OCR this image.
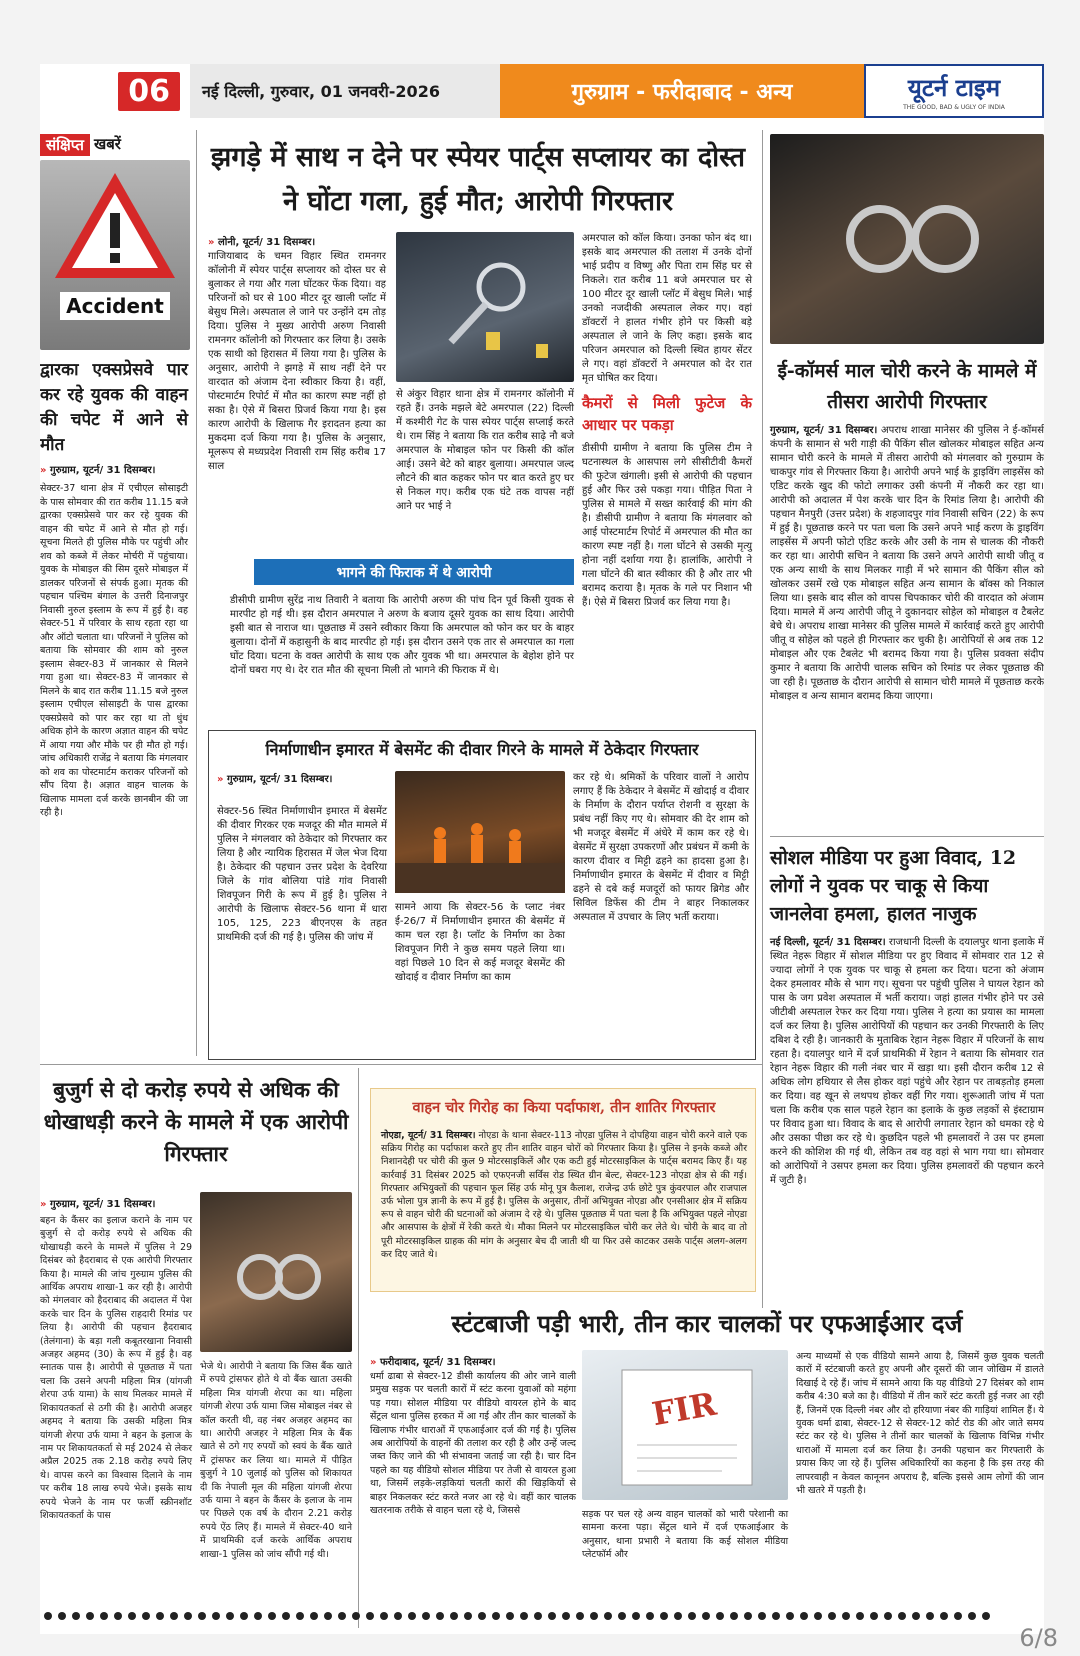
06	नई दिल्ली, गुरुवार, 01 जनवरी-2026	गुरुग्राम - फरीदाबाद - अन्य	यूटर्न टाइम
THE GOOD, BAD & UGLY OF INDIA
संक्षिप्त खबरें
Accident
द्वारका एक्सप्रेसवे पार कर रहे युवक की वाहन की चपेट में आने से मौत
» गुरुग्राम, यूटर्न/ 31 दिसम्बर।

सेक्टर-37 थाना क्षेत्र में एचीएल सोसाइटी के पास सोमवार की रात करीब 11.15 बजे द्वारका एक्सप्रेसवे पार कर रहे युवक की वाहन की चपेट में आने से मौत हो गई। सूचना मिलते ही पुलिस मौके पर पहुंची और शव को कब्जे में लेकर मोर्चरी में पहुंचाया। युवक के मोबाइल की सिम दूसरे मोबाइल में डालकर परिजनों से संपर्क हुआ। मृतक की पहचान पश्चिम बंगाल के उत्तरी दिनाजपुर निवासी नुरुल इस्लाम के रूप में हुई है। वह सेक्टर-51 में परिवार के साथ रहता रहा था और ऑटो चलाता था। परिजनों ने पुलिस को बताया कि सोमवार की शाम को नुरुल इस्लाम सेक्टर-83 में जानकार से मिलने गया हुआ था। सेक्टर-83 में जानकार से मिलने के बाद रात करीब 11.15 बजे नुरुल इस्लाम एचीएल सोसाइटी के पास द्वारका एक्सप्रेसवे को पार कर रहा था तो धुंध अधिक होने के कारण अज्ञात वाहन की चपेट में आया गया और मौके पर ही मौत हो गई। जांच अधिकारी राजेंद्र ने बताया कि मंगलवार को शव का पोस्टमार्टम कराकर परिजनों को सौंप दिया है। अज्ञात वाहन चालक के खिलाफ मामला दर्ज करके छानबीन की जा रही है।

झगड़े में साथ न देने पर स्पेयर पार्ट्स सप्लायर का दोस्त ने घोंटा गला, हुई मौत; आरोपी गिरफ्तार
» लोनी, यूटर्न/ 31 दिसम्बर।

गाजियाबाद के चमन विहार स्थित रामनगर कॉलोनी में स्पेयर पार्ट्स सप्लायर को दोस्त घर से बुलाकर ले गया और गला घोंटकर फेंक दिया। वह परिजनों को घर से 100 मीटर दूर खाली प्लॉट में बेसुध मिले। अस्पताल ले जाने पर उन्होंने दम तोड़ दिया। पुलिस ने मुख्य आरोपी अरुण निवासी रामनगर कॉलोनी को गिरफ्तार कर लिया है। उसके एक साथी को हिरासत में लिया गया है। पुलिस के अनुसार, आरोपी ने झगड़े में साथ नहीं देने पर वारदात को अंजाम देना स्वीकार किया है। वहीं, पोस्टमार्टम रिपोर्ट में मौत का कारण स्पष्ट नहीं हो सका है। ऐसे में बिसरा प्रिजर्व किया गया है। इस कारण आरोपी के खिलाफ गैर इरादतन हत्या का मुकदमा दर्ज किया गया है। पुलिस के अनुसार, मूलरूप से मध्यप्रदेश निवासी राम सिंह करीब 17 साल

से अंकुर विहार थाना क्षेत्र में रामनगर कॉलोनी में रहते हैं। उनके मझले बेटे अमरपाल (22) दिल्ली में कश्मीरी गेट के पास स्पेयर पार्ट्स सप्लाई करते थे। राम सिंह ने बताया कि रात करीब साढ़े नौ बजे अमरपाल के मोबाइल फोन पर किसी की कॉल आई। उसने बेटे को बाहर बुलाया। अमरपाल जल्द लौटने की बात कहकर फोन पर बात करते हुए घर से निकल गए। करीब एक घंटे तक वापस नहीं आने पर भाई ने

अमरपाल को कॉल किया। उनका फोन बंद था। इसके बाद अमरपाल की तलाश में उनके दोनों भाई प्रदीप व विष्णु और पिता राम सिंह घर से निकले। रात करीब 11 बजे अमरपाल घर से 100 मीटर दूर खाली प्लॉट में बेसुध मिले। भाई उनको नजदीकी अस्पताल लेकर गए। वहां डॉक्टरों ने हालत गंभीर होने पर किसी बड़े अस्पताल ले जाने के लिए कहा। इसके बाद परिजन अमरपाल को दिल्ली स्थित हायर सेंटर ले गए। वहां डॉक्टरों ने अमरपाल को देर रात मृत घोषित कर दिया।

कैमरों से मिली फुटेज के आधार पर पकड़ा

डीसीपी ग्रामीण ने बताया कि पुलिस टीम ने घटनास्थल के आसपास लगे सीसीटीवी कैमरों की फुटेज खंगाली। इसी से आरोपी की पहचान हुई और फिर उसे पकड़ा गया। पीड़ित पिता ने पुलिस से मामले में सख्त कार्रवाई की मांग की है। डीसीपी ग्रामीण ने बताया कि मंगलवार को आई पोस्टमार्टम रिपोर्ट में अमरपाल की मौत का कारण स्पष्ट नहीं है। गला घोंटने से उसकी मृत्यु होना नहीं दर्शाया गया है। हालांकि, आरोपी ने गला घोंटने की बात स्वीकार की है और तार भी बरामद कराया है। मृतक के गले पर निशान भी हैं। ऐसे में बिसरा प्रिजर्व कर लिया गया है।

भागने की फिराक में थे आरोपी

डीसीपी ग्रामीण सुरेंद्र नाथ तिवारी ने बताया कि आरोपी अरुण की पांच दिन पूर्व किसी युवक से मारपीट हो गई थी। इस दौरान अमरपाल ने अरुण के बजाय दूसरे युवक का साथ दिया। आरोपी इसी बात से नाराज था। पूछताछ में उसने स्वीकार किया कि अमरपाल को फोन कर घर के बाहर बुलाया। दोनों में कहासुनी के बाद मारपीट हो गई। इस दौरान उसने एक तार से अमरपाल का गला घोंट दिया। घटना के वक्त आरोपी के साथ एक और युवक भी था। अमरपाल के बेहोश होने पर दोनों घबरा गए थे। देर रात मौत की सूचना मिली तो भागने की फिराक में थे।

निर्माणाधीन इमारत में बेसमेंट की दीवार गिरने के मामले में ठेकेदार गिरफ्तार
» गुरुग्राम, यूटर्न/ 31 दिसम्बर।

सेक्टर-56 स्थित निर्माणाधीन इमारत में बेसमेंट की दीवार गिरकर एक मजदूर की मौत मामले में पुलिस ने मंगलवार को ठेकेदार को गिरफ्तार कर लिया है और न्यायिक हिरासत में जेल भेज दिया है। ठेकेदार की पहचान उत्तर प्रदेश के देवरिया जिले के गांव बोलिया पांडे गांव निवासी शिवपूजन गिरी के रूप में हुई है। पुलिस ने आरोपी के खिलाफ सेक्टर-56 थाना में धारा 105, 125, 223 बीएनएस के तहत प्राथमिकी दर्ज की गई है। पुलिस की जांच में

सामने आया कि सेक्टर-56 के प्लाट नंबर ई-26/7 में निर्माणाधीन इमारत की बेसमेंट में काम चल रहा है। प्लॉट के निर्माण का ठेका शिवपूजन गिरी ने कुछ समय पहले लिया था। वहां पिछले 10 दिन से कई मजदूर बेसमेंट की खोदाई व दीवार निर्माण का काम

कर रहे थे। श्रमिकों के परिवार वालों ने आरोप लगाए हैं कि ठेकेदार ने बेसमेंट में खोदाई व दीवार के निर्माण के दौरान पर्याप्त रोशनी व सुरक्षा के प्रबंध नहीं किए गए थे। सोमवार की देर शाम को भी मजदूर बेसमेंट में अंधेरे में काम कर रहे थे। बेसमेंट में सुरक्षा उपकरणों और प्रबंधन में कमी के कारण दीवार व मिट्टी ढहने का हादसा हुआ है। निर्माणाधीन इमारत के बेसमेंट में दीवार व मिट्टी ढहने से दबे कई मजदूरों को फायर ब्रिगेड और सिविल डिफेंस की टीम ने बाहर निकालकर अस्पताल में उपचार के लिए भर्ती कराया।

ई-कॉमर्स माल चोरी करने के मामले में तीसरा आरोपी गिरफ्तार

गुरुग्राम, यूटर्न/ 31 दिसम्बर। अपराध शाखा मानेसर की पुलिस ने ई-कॉमर्स कंपनी के सामान से भरी गाड़ी की पैकिंग सील खोलकर मोबाइल सहित अन्य सामान चोरी करने के मामले में तीसरा आरोपी को मंगलवार को गुरुग्राम के चाकपुर गांव से गिरफ्तार किया है। आरोपी अपने भाई के ड्राइविंग लाइसेंस को एडिट करके खुद की फोटो लगाकर उसी कंपनी में नौकरी कर रहा था। आरोपी को अदालत में पेश करके चार दिन के रिमांड लिया है। आरोपी की पहचान मैनपुरी (उत्तर प्रदेश) के शहजादपुर गांव निवासी सचिन (22) के रूप में हुई है। पूछताछ करने पर पता चला कि उसने अपने भाई करण के ड्राइविंग लाइसेंस में अपनी फोटो एडिट करके और उसी के नाम से चालक की नौकरी कर रहा था। आरोपी सचिन ने बताया कि उसने अपने आरोपी साथी जीतू व एक अन्य साथी के साथ मिलकर गाड़ी में भरे सामान की पैकिंग सील को खोलकर उसमें रखे एक मोबाइल सहित अन्य सामान के बॉक्स को निकाल लिया था। इसके बाद सील को वापस चिपकाकर चोरी की वारदात को अंजाम दिया। मामले में अन्य आरोपी जीतू ने दुकानदार सोहेल को मोबाइल व टैबलेट बेचे थे। अपराध शाखा मानेसर की पुलिस मामले में कार्रवाई करते हुए आरोपी जीतू व सोहेल को पहले ही गिरफ्तार कर चुकी है। आरोपियों से अब तक 12 मोबाइल और एक टैबलेट भी बरामद किया गया है। पुलिस प्रवक्ता संदीप कुमार ने बताया कि आरोपी चालक सचिन को रिमांड पर लेकर पूछताछ की जा रही है। पूछताछ के दौरान आरोपी से सामान चोरी मामले में पूछताछ करके मोबाइल व अन्य सामान बरामद किया जाएगा।

सोशल मीडिया पर हुआ विवाद, 12 लोगों ने युवक पर चाकू से किया जानलेवा हमला, हालत नाजुक

नई दिल्ली, यूटर्न/ 31 दिसम्बर। राजधानी दिल्ली के दयालपुर थाना इलाके में स्थित नेहरू विहार में सोशल मीडिया पर हुए विवाद में सोमवार रात 12 से ज्यादा लोगों ने एक युवक पर चाकू से हमला कर दिया। घटना को अंजाम देकर हमलावर मौके से भाग गए। सूचना पर पहुंची पुलिस ने घायल रेहान को पास के जग प्रवेश अस्पताल में भर्ती कराया। जहां हालत गंभीर होने पर उसे जीटीबी अस्पताल रेफर कर दिया गया। पुलिस ने हत्या का प्रयास का मामला दर्ज कर लिया है। पुलिस आरोपियों की पहचान कर उनकी गिरफ्तारी के लिए दबिश दे रही है। जानकारी के मुताबिक रेहान नेहरू विहार में परिजनों के साथ रहता है। दयालपुर थाने में दर्ज प्राथमिकी में रेहान ने बताया कि सोमवार रात रेहान नेहरू विहार की गली नंबर चार में खड़ा था। इसी दौरान करीब 12 से अधिक लोग हथियार से लैस होकर वहां पहुंचे और रेहान पर ताबड़तोड़ हमला कर दिया। वह खून से लथपथ होकर वहीं गिर गया। शुरूआती जांच में पता चला कि करीब एक साल पहले रेहान का इलाके के कुछ लड़कों से इंस्टाग्राम पर विवाद हुआ था। विवाद के बाद से आरोपी लगातार रेहान को धमका रहे थे और उसका पीछा कर रहे थे। कुछदिन पहले भी हमलावरों ने उस पर हमला करने की कोशिश की गई थी, लेकिन तब वह वहां से भाग गया था। सोमवार को आरोपियों ने उसपर हमला कर दिया। पुलिस हमलावरों की पहचान करने में जुटी है।

बुजुर्ग से दो करोड़ रुपये से अधिक की धोखाधड़ी करने के मामले में एक आरोपी गिरफ्तार
» गुरुग्राम, यूटर्न/ 31 दिसम्बर।

बहन के कैंसर का इलाज कराने के नाम पर बुजुर्ग से दो करोड़ रुपये से अधिक की धोखाधड़ी करने के मामले में पुलिस ने 29 दिसंबर को हैदराबाद से एक आरोपी गिरफ्तार किया है। मामले की जांच गुरुग्राम पुलिस की आर्थिक अपराध शाखा-1 कर रही है। आरोपी को मंगलवार को हैदराबाद की अदालत में पेश करके चार दिन के पुलिस राहदारी रिमांड पर लिया है। आरोपी की पहचान हैदराबाद (तेलंगाना) के बड़ा गली कबूतरखाना निवासी अजहर अहमद (30) के रूप में हुई है। वह स्नातक पास है। आरोपी से पूछताछ में पता चला कि उसने अपनी महिला मित्र (यांगजी शेरपा उर्फ यामा) के साथ मिलकर मामले में शिकायतकर्ता से ठगी की है। आरोपी अजहर अहमद ने बताया कि उसकी महिला मित्र यांगजी शेरपा उर्फ यामा ने बहन के इलाज के नाम पर शिकायतकर्ता से मई 2024 से लेकर अप्रैल 2025 तक 2.18 करोड़ रुपये लिए थे। वापस करने का विश्वास दिलाने के नाम पर करीब 18 लाख रुपये भेजे। इसके साथ रुपये भेजने के नाम पर फर्जी स्क्रीनशॉट शिकायतकर्ता के पास

भेजे थे। आरोपी ने बताया कि जिस बैंक खाते में रुपये ट्रांसफर होते थे वो बैंक खाता उसकी महिला मित्र यांगजी शेरपा का था। महिला यांगजी शेरपा उर्फ यामा जिस मोबाइल नंबर से कॉल करती थी, वह नंबर अजहर अहमद का था। आरोपी अजहर ने महिला मित्र के बैंक खाते से ठगे गए रुपयों को स्वयं के बैंक खाते में ट्रांसफर कर लिया था। मामले में पीड़ित बुजुर्ग ने 10 जुलाई को पुलिस को शिकायत दी कि नेपाली मूल की महिला यांगजी शेरपा उर्फ यामा ने बहन के कैंसर के इलाज के नाम पर पिछले एक वर्ष के दौरान 2.21 करोड़ रुपये ऐंठ लिए हैं। मामले में सेक्टर-40 थाने में प्राथमिकी दर्ज करके आर्थिक अपराध शाखा-1 पुलिस को जांच सौंपी गई थी।

वाहन चोर गिरोह का किया पर्दाफाश, तीन शातिर गिरफ्तार

नोएडा, यूटर्न/ 31 दिसम्बर। नोएडा के थाना सेक्टर-113 नोएडा पुलिस ने दोपहिया वाहन चोरी करने वाले एक सक्रिय गिरोह का पर्दाफाश करते हुए तीन शातिर वाहन चोरों को गिरफ्तार किया है। पुलिस ने इनके कब्जे और निशानदेही पर चोरी की कुल 9 मोटरसाइकिलें और एक कटी हुई मोटरसाइकिल के पार्ट्स बरामद किए हैं। यह कार्रवाई 31 दिसंबर 2025 को एफएनजी सर्विस रोड स्थित ग्रीन बेल्ट, सेक्टर-123 नोएडा क्षेत्र से की गई। गिरफ्तार अभियुक्तों की पहचान फूल सिंह उर्फ मोनू पुत्र कैलाश, राजेन्द्र उर्फ छोटे पुत्र कुंवरपाल और राजपाल उर्फ भोला पुत्र ज्ञानी के रूप में हुई है। पुलिस के अनुसार, तीनों अभियुक्त नोएडा और एनसीआर क्षेत्र में सक्रिय रूप से वाहन चोरी की घटनाओं को अंजाम दे रहे थे। पुलिस पूछताछ में पता चला है कि अभियुक्त पहले नोएडा और आसपास के क्षेत्रों में रेकी करते थे। मौका मिलने पर मोटरसाइकिल चोरी कर लेते थे। चोरी के बाद वा तो पूरी मोटरसाइकिल ग्राहक की मांग के अनुसार बेच दी जाती थी या फिर उसे काटकर उसके पार्ट्स अलग-अलग कर दिए जाते थे।

स्टंटबाजी पड़ी भारी, तीन कार चालकों पर एफआईआर दर्ज
» फरीदाबाद, यूटर्न/ 31 दिसम्बर।

धर्मा ढाबा से सेक्टर-12 डीसी कार्यालय की ओर जाने वाली प्रमुख सड़क पर चलती कारों में स्टंट करना युवाओं को महंगा पड़ गया। सोशल मीडिया पर वीडियो वायरल होने के बाद सेंट्रल थाना पुलिस हरकत में आ गई और तीन कार चालकों के खिलाफ गंभीर धाराओं में एफआईआर दर्ज की गई है। पुलिस अब आरोपियों के वाहनों की तलाश कर रही है और उन्हें जल्द जब्त किए जाने की भी संभावना जताई जा रही है। चार दिन पहले का यह वीडियो सोशल मीडिया पर तेजी से वायरल हुआ था, जिसमें लड़के-लड़कियां चलती कारों की खिड़कियों से बाहर निकलकर स्टंट करते नजर आ रहे थे। वहीं कार चालक खतरनाक तरीके से वाहन चला रहे थे, जिससे

FIR

सड़क पर चल रहे अन्य वाहन चालकों को भारी परेशानी का सामना करना पड़ा। सेंट्रल थाने में दर्ज एफआईआर के अनुसार, थाना प्रभारी ने बताया कि कई सोशल मीडिया प्लेटफॉर्म और

अन्य माध्यमों से एक वीडियो सामने आया है, जिसमें कुछ युवक चलती कारों में स्टंटबाजी करते हुए अपनी और दूसरों की जान जोखिम में डालते दिखाई दे रहे हैं। जांच में सामने आया कि यह वीडियो 27 दिसंबर को शाम करीब 4:30 बजे का है। वीडियो में तीन कारें स्टंट करती हुई नजर आ रही हैं, जिनमें एक दिल्ली नंबर और दो हरियाणा नंबर की गाड़ियां शामिल हैं। ये युवक धर्मा ढाबा, सेक्टर-12 से सेक्टर-12 कोर्ट रोड की ओर जाते समय स्टंट कर रहे थे। पुलिस ने तीनों कार चालकों के खिलाफ विभिन्न गंभीर धाराओं में मामला दर्ज कर लिया है। उनकी पहचान कर गिरफ्तारी के प्रयास किए जा रहे हैं। पुलिस अधिकारियों का कहना है कि इस तरह की लापरवाही न केवल कानूनन अपराध है, बल्कि इससे आम लोगों की जान भी खतरे में पड़ती है।

6/8
